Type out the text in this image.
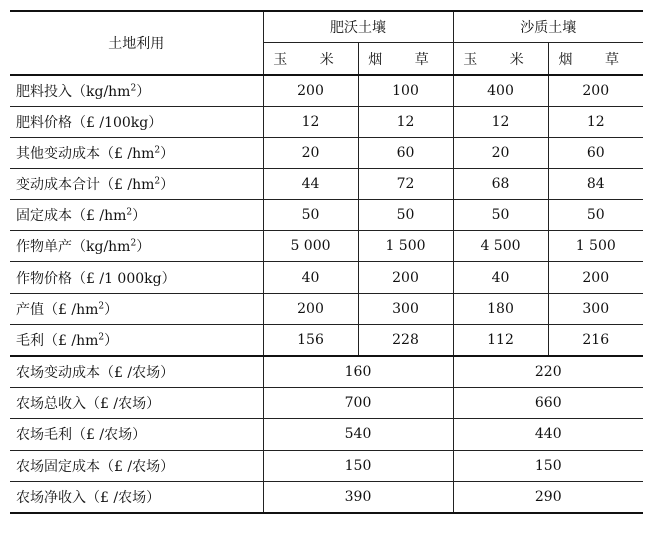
土地利用	肥沃土壤		沙质土壤	
	玉 米	烟 草	玉 米	烟 草
肥料投入$(kg/hm^2)$	200	100	400	200
肥料价格（£ /100kg）	12	12	12	12
其他变动成本（£ $/hm^2$）	20	60	20	60
变动成本合计（£ $/hm^2$）	44	72	68	84
固定成本（£ $/hm^2$）	50	50	50	50
作物单产$(kg/hm^2)$	5 000	1 500	4 500	1 500
作物价格（£ /1 000kg）	40	200	40	200
产值（£ $/hm^2$）	200	300	180	300
毛利（£ $/hm^2$）	156	228	112	216
农场变动成本（£ /农场）	160		220	
农场总收入（£ /农场）	700		660	
农场毛利（£ /农场）	540		440	
农场固定成本（£ /农场）	150		150	
农场净收入（£ /农场）	390		290	
